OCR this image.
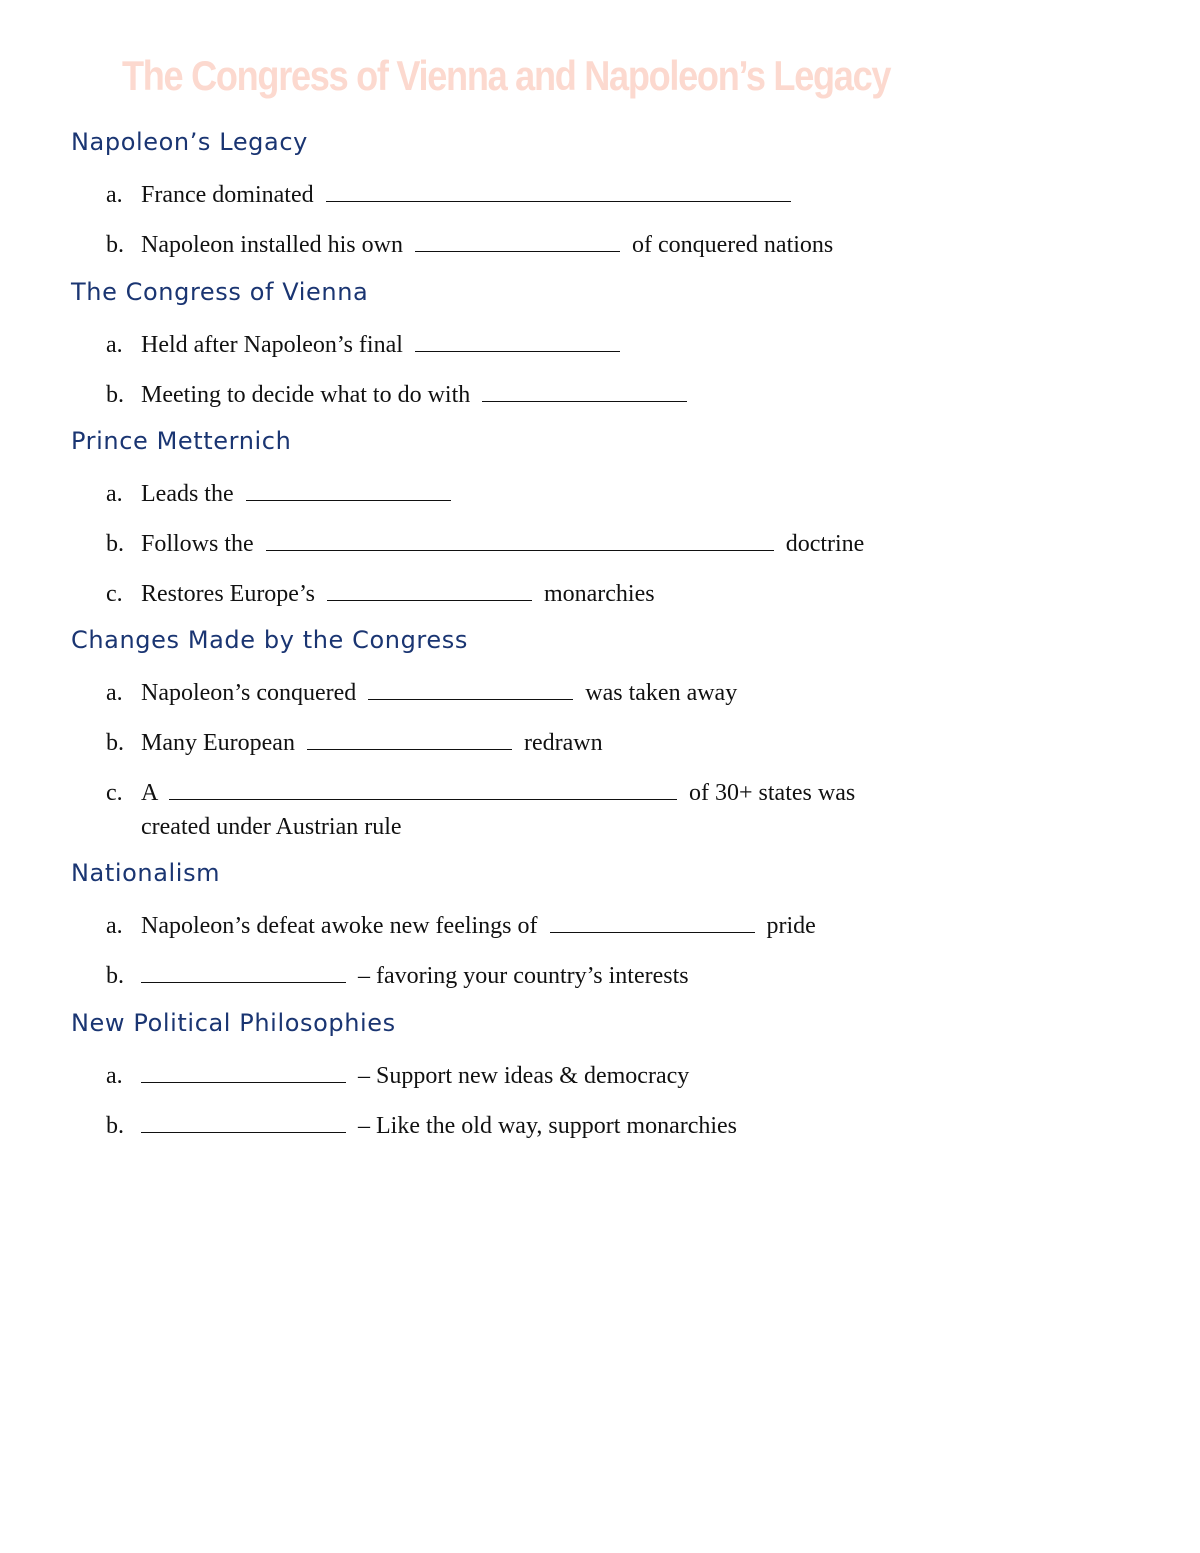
The Congress of Vienna and Napoleon’s Legacy
Napoleon’s Legacy
a. France dominated
b. Napoleon installed his own	of conquered nations
The Congress of Vienna
a. Held after Napoleon’s final
b. Meeting to decide what to do with
Prince Metternich
a. Leads the
b. Follows the	doctrine
c. Restores Europe’s	monarchies
Changes Made by the Congress
a. Napoleon’s conquered	was taken away
b. Many European	redrawn
c. A	of 30+ states was
created under Austrian rule
Nationalism
a. Napoleon’s defeat awoke new feelings of	pride
b.	– favoring your country’s interests
New Political Philosophies
a.	– Support new ideas & democracy
b.	– Like the old way, support monarchies
